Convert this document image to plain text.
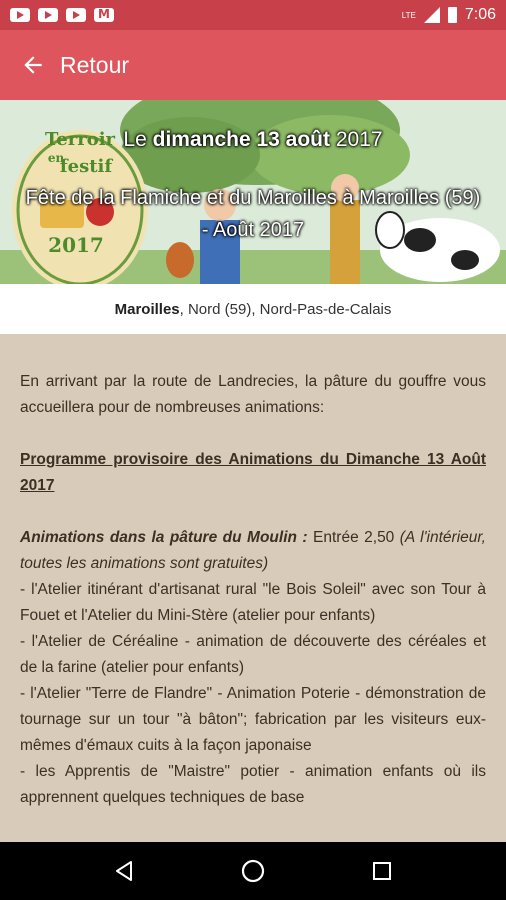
M
LTE	7:06
Retour
Terroir
en
festif
2017
Le dimanche 13 août 2017
Fête de la Flamiche et du Maroilles à Maroilles (59) - Août 2017
Maroilles , Nord (59), Nord-Pas-de-Calais

En arrivant par la route de Landrecies, la pâture du gouffre vous accueillera pour de nombreuses animations:

Programme provisoire des Animations du Dimanche 13 Août 2017

Animations dans la pâture du Moulin : Entrée 2,50 (A l'intérieur, toutes les animations sont gratuites)

- l'Atelier itinérant d'artisanat rural "le Bois Soleil" avec son Tour à Fouet et l'Atelier du Mini-Stère (atelier pour enfants)

- l'Atelier de Céréaline - animation de découverte des céréales et de la farine (atelier pour enfants)

- l'Atelier "Terre de Flandre" - Animation Poterie - démonstration de tournage sur un tour "à bâton"; fabrication par les visiteurs eux-mêmes d'émaux cuits à la façon japonaise

- les Apprentis de "Maistre" potier - animation enfants où ils apprennent quelques techniques de base
